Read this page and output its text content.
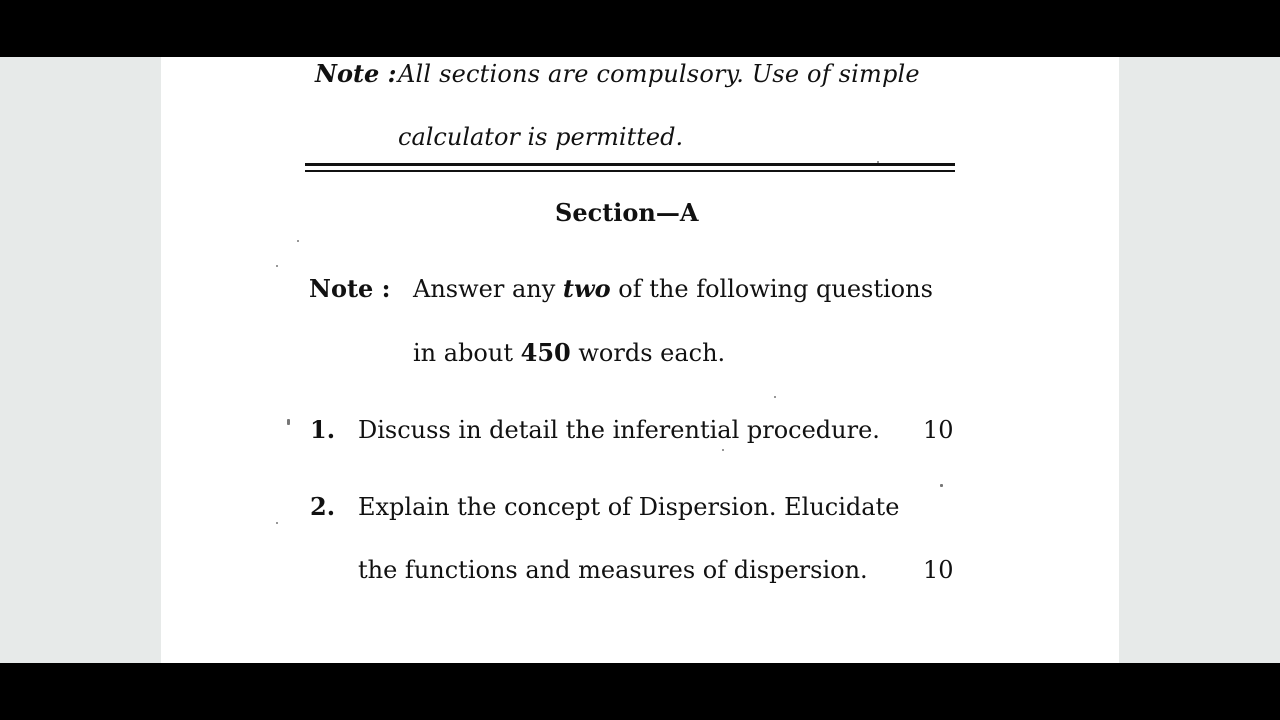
Note : All sections are compulsory. Use of simple
calculator is permitted.
Section—A
Note : Answer any two of the following questions
in about 450 words each.
1. Discuss in detail the inferential procedure. 10
2. Explain the concept of Dispersion. Elucidate
the functions and measures of dispersion. 10
